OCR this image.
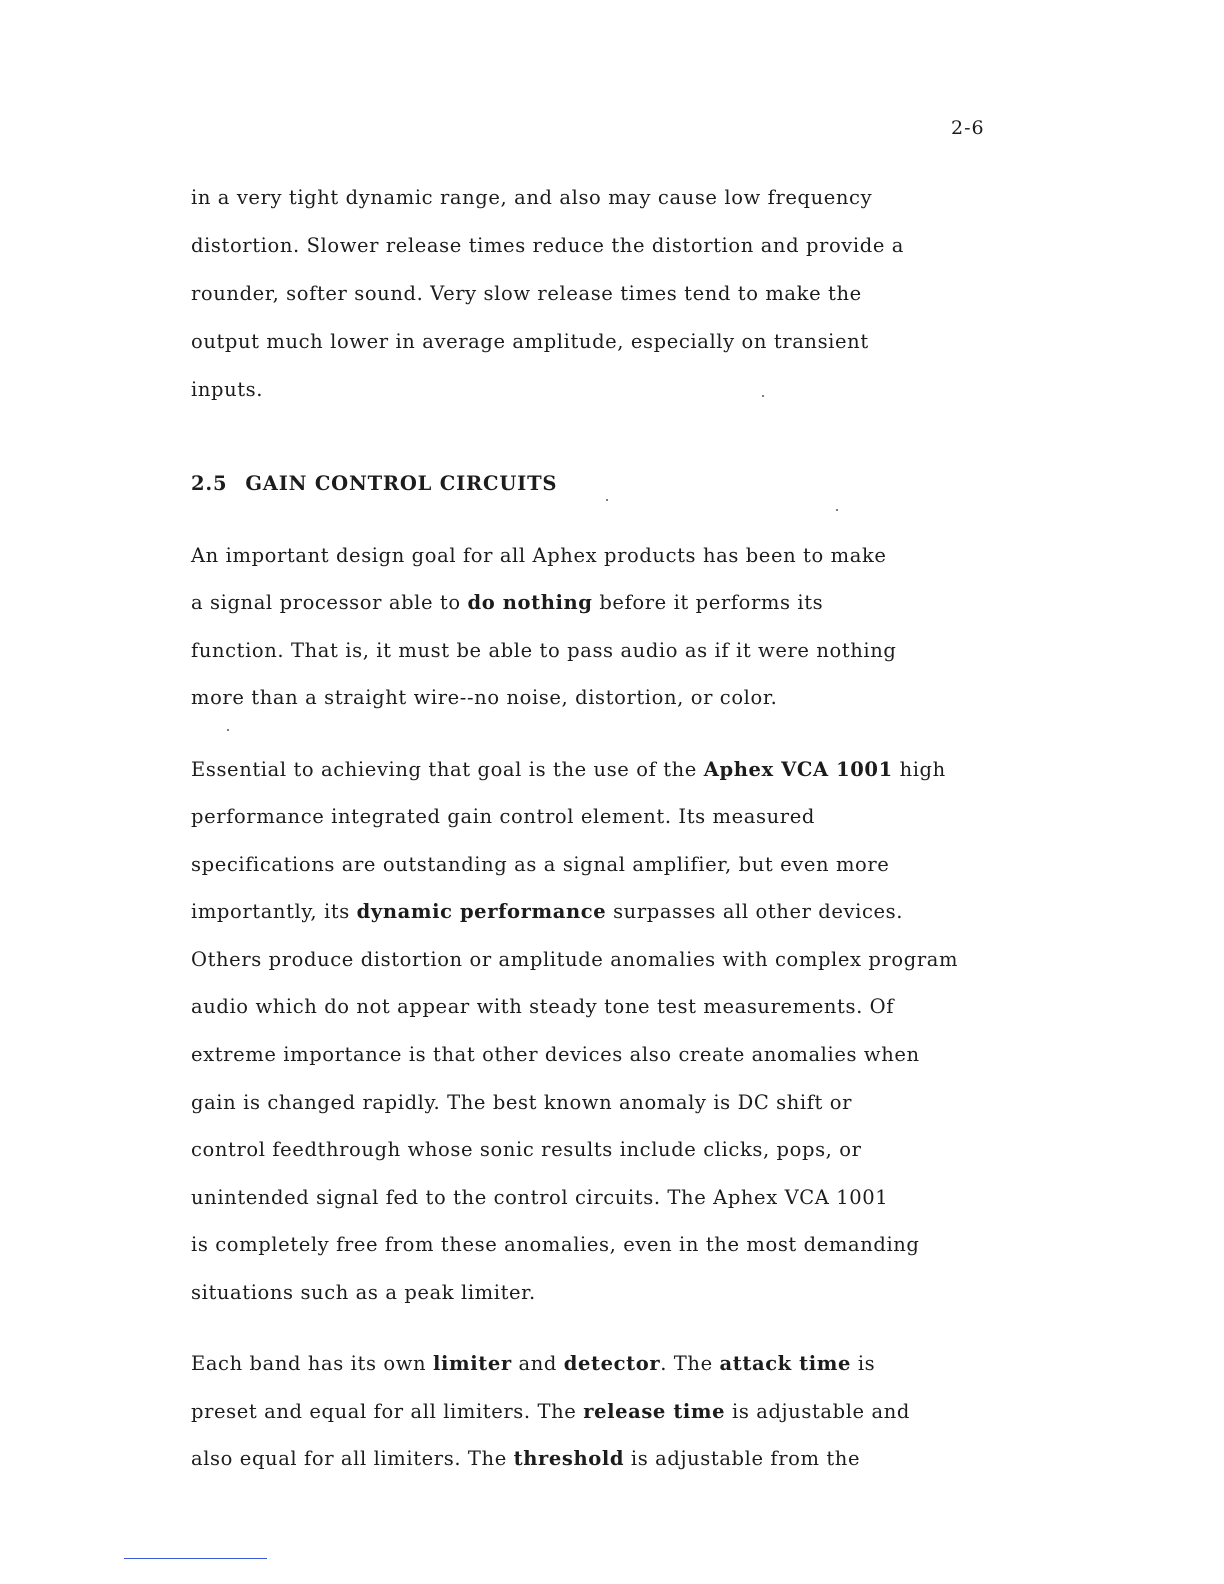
2-6

in a very tight dynamic range, and also may cause low frequency

distortion. Slower release times reduce the distortion and provide a

rounder, softer sound. Very slow release times tend to make the

output much lower in average amplitude, especially on transient

inputs.

2.5 GAIN CONTROL CIRCUITS

An important design goal for all Aphex products has been to make

a signal processor able to do nothing before it performs its

function. That is, it must be able to pass audio as if it were nothing

more than a straight wire--no noise, distortion, or color.

Essential to achieving that goal is the use of the Aphex VCA 1001 high

performance integrated gain control element. Its measured

specifications are outstanding as a signal amplifier, but even more

importantly, its dynamic performance surpasses all other devices.

Others produce distortion or amplitude anomalies with complex program

audio which do not appear with steady tone test measurements. Of

extreme importance is that other devices also create anomalies when

gain is changed rapidly. The best known anomaly is DC shift or

control feedthrough whose sonic results include clicks, pops, or

unintended signal fed to the control circuits. The Aphex VCA 1001

is completely free from these anomalies, even in the most demanding

situations such as a peak limiter.

Each band has its own limiter and detector. The attack time is

preset and equal for all limiters. The release time is adjustable and

also equal for all limiters. The threshold is adjustable from the
